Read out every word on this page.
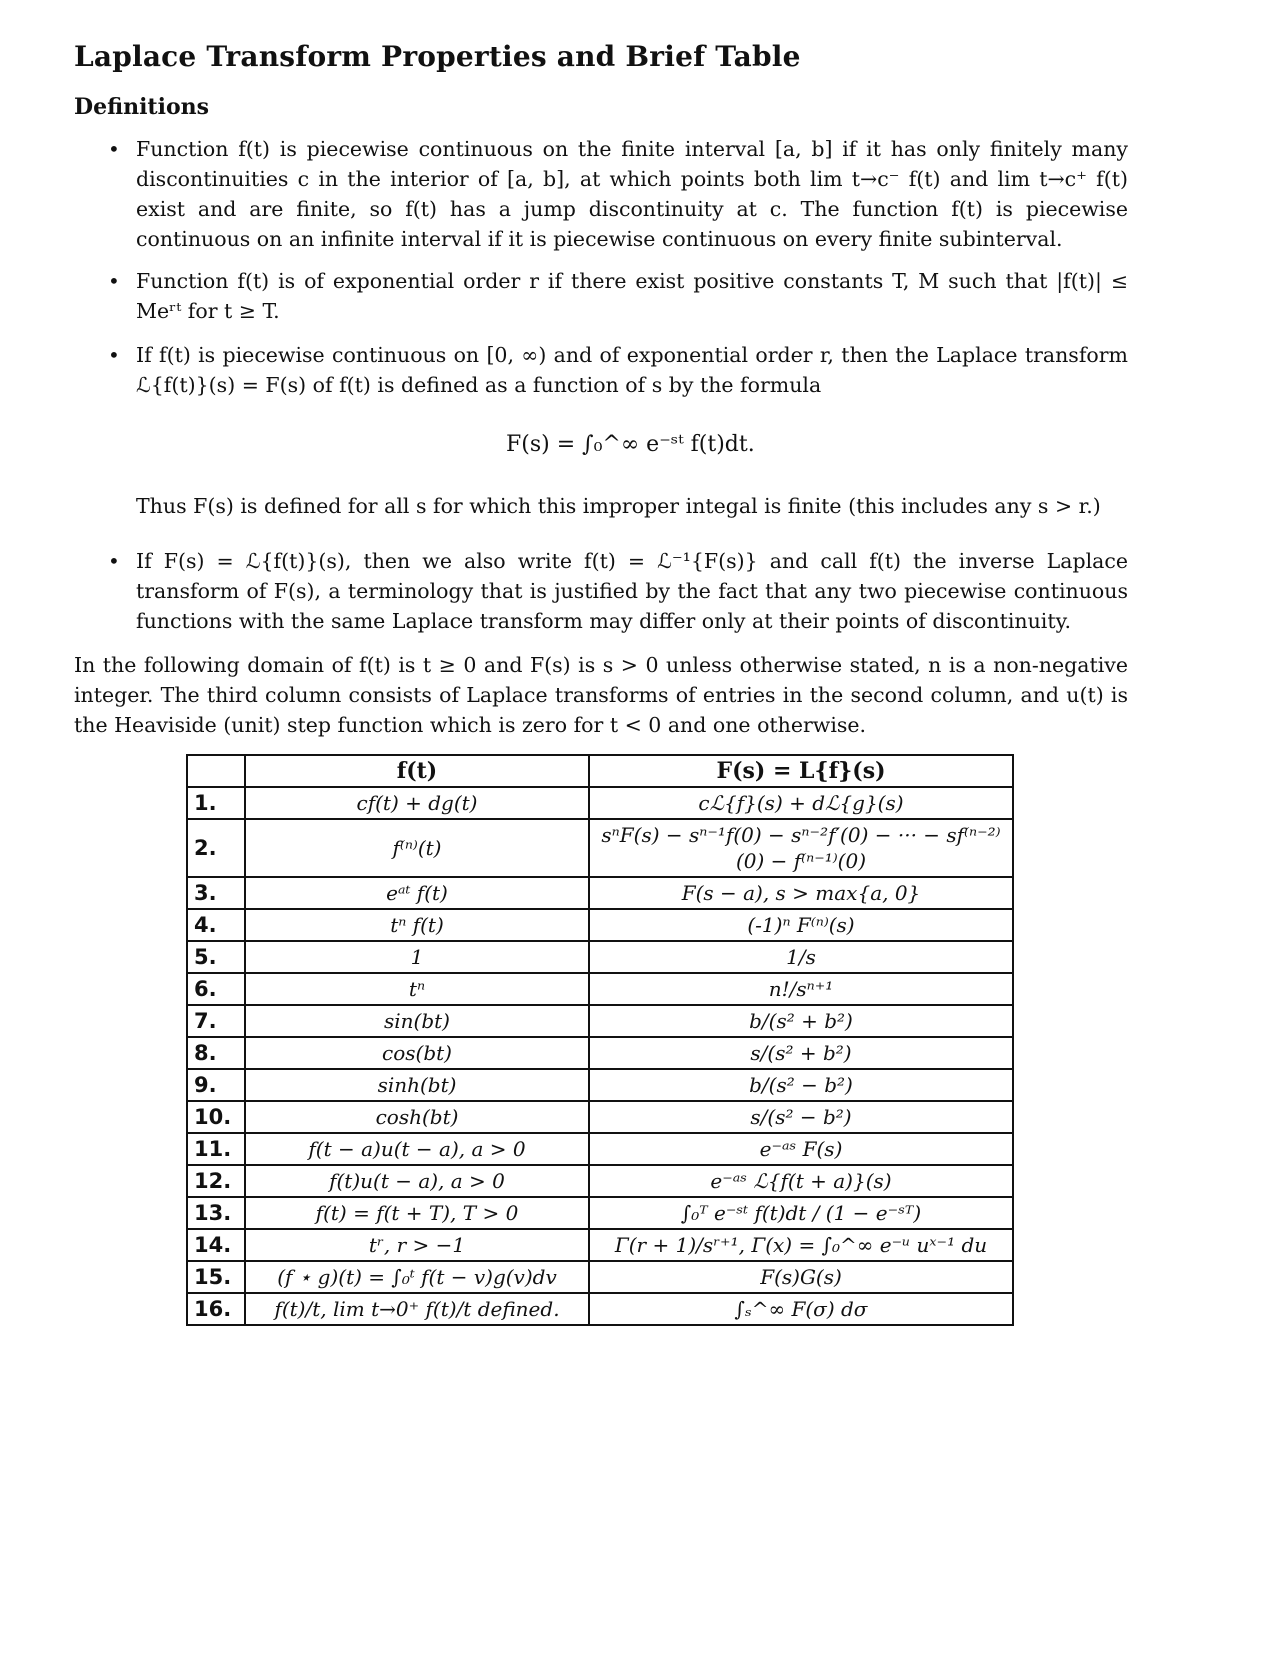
Laplace Transform Properties and Brief Table
Definitions
• Function f(t) is piecewise continuous on the finite interval [a, b] if it has only finitely many discontinuities c in the interior of [a, b], at which points both lim t→c⁻ f(t) and lim t→c⁺ f(t) exist and are finite, so f(t) has a jump discontinuity at c. The function f(t) is piecewise continuous on an infinite interval if it is piecewise continuous on every finite subinterval.
• Function f(t) is of exponential order r if there exist positive constants T, M such that |f(t)| ≤ Meʳᵗ for t ≥ T.
• If f(t) is piecewise continuous on [0, ∞) and of exponential order r, then the Laplace transform ℒ{f(t)}(s) = F(s) of f(t) is defined as a function of s by the formula
F(s) = ∫₀^∞ e⁻ˢᵗ f(t)dt.
Thus F(s) is defined for all s for which this improper integal is finite (this includes any s > r.)
• If F(s) = ℒ{f(t)}(s), then we also write f(t) = ℒ⁻¹{F(s)} and call f(t) the inverse Laplace transform of F(s), a terminology that is justified by the fact that any two piecewise continuous functions with the same Laplace transform may differ only at their points of discontinuity.
In the following domain of f(t) is t ≥ 0 and F(s) is s > 0 unless otherwise stated, n is a non-negative integer. The third column consists of Laplace transforms of entries in the second column, and u(t) is the Heaviside (unit) step function which is zero for t < 0 and one otherwise.
	f(t)	F(s) = L{f}(s)
1.	cf(t) + dg(t)	cℒ{f}(s) + dℒ{g}(s)
2.	f⁽ⁿ⁾(t)	sⁿF(s) − sⁿ⁻¹f(0) − sⁿ⁻²f′(0) − ··· − sf⁽ⁿ⁻²⁾(0) − f⁽ⁿ⁻¹⁾(0)
3.	eᵃᵗ f(t)	F(s − a), s > max{a, 0}
4.	tⁿ f(t)	(-1)ⁿ F⁽ⁿ⁾(s)
5.	1	1/s
6.	tⁿ	n!/sⁿ⁺¹
7.	sin(bt)	b/(s² + b²)
8.	cos(bt)	s/(s² + b²)
9.	sinh(bt)	b/(s² − b²)
10.	cosh(bt)	s/(s² − b²)
11.	f(t − a)u(t − a), a > 0	e⁻ᵃˢ F(s)
12.	f(t)u(t − a), a > 0	e⁻ᵃˢ ℒ{f(t + a)}(s)
13.	f(t) = f(t + T), T > 0	∫₀ᵀ e⁻ˢᵗ f(t)dt / (1 − e⁻ˢᵀ)
14.	tʳ, r > −1	Γ(r + 1)/sʳ⁺¹, Γ(x) = ∫₀^∞ e⁻ᵘ uˣ⁻¹ du
15.	(f ⋆ g)(t) = ∫₀ᵗ f(t − v)g(v)dv	F(s)G(s)
16.	f(t)/t, lim t→0⁺ f(t)/t defined.	∫ₛ^∞ F(σ) dσ
